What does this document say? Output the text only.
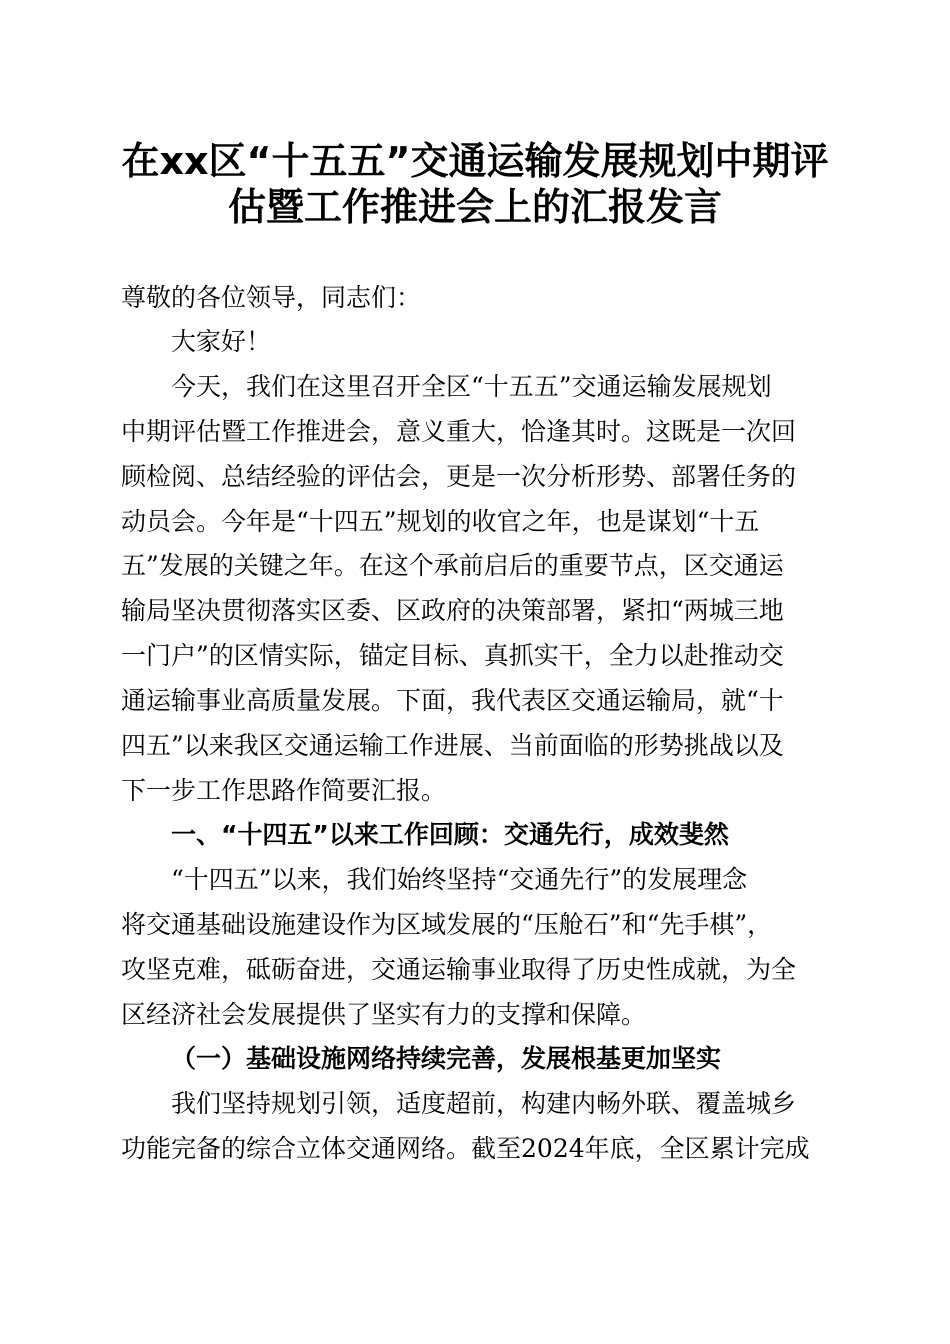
在xx区“十五五”交通运输发展规划中期评
估暨工作推进会上的汇报发言
尊敬的各位领导，同志们：
大家好！
今天，我们在这里召开全区“十五五”交通运输发展规划
中期评估暨工作推进会，意义重大，恰逢其时。这既是一次回
顾检阅、总结经验的评估会，更是一次分析形势、部署任务的
动员会。今年是“十四五”规划的收官之年，也是谋划“十五
五”发展的关键之年。在这个承前启后的重要节点，区交通运
输局坚决贯彻落实区委、区政府的决策部署，紧扣“两城三地
一门户”的区情实际，锚定目标、真抓实干，全力以赴推动交
通运输事业高质量发展。下面，我代表区交通运输局，就“十
四五”以来我区交通运输工作进展、当前面临的形势挑战以及
下一步工作思路作简要汇报。
一、“十四五”以来工作回顾：交通先行，成效斐然
“十四五”以来，我们始终坚持“交通先行”的发展理念
将交通基础设施建设作为区域发展的“压舱石”和“先手棋”，
攻坚克难，砥砺奋进，交通运输事业取得了历史性成就，为全
区经济社会发展提供了坚实有力的支撑和保障。
（一）基础设施网络持续完善，发展根基更加坚实
我们坚持规划引领，适度超前，构建内畅外联、覆盖城乡
功能完备的综合立体交通网络。截至2024年底，全区累计完成
